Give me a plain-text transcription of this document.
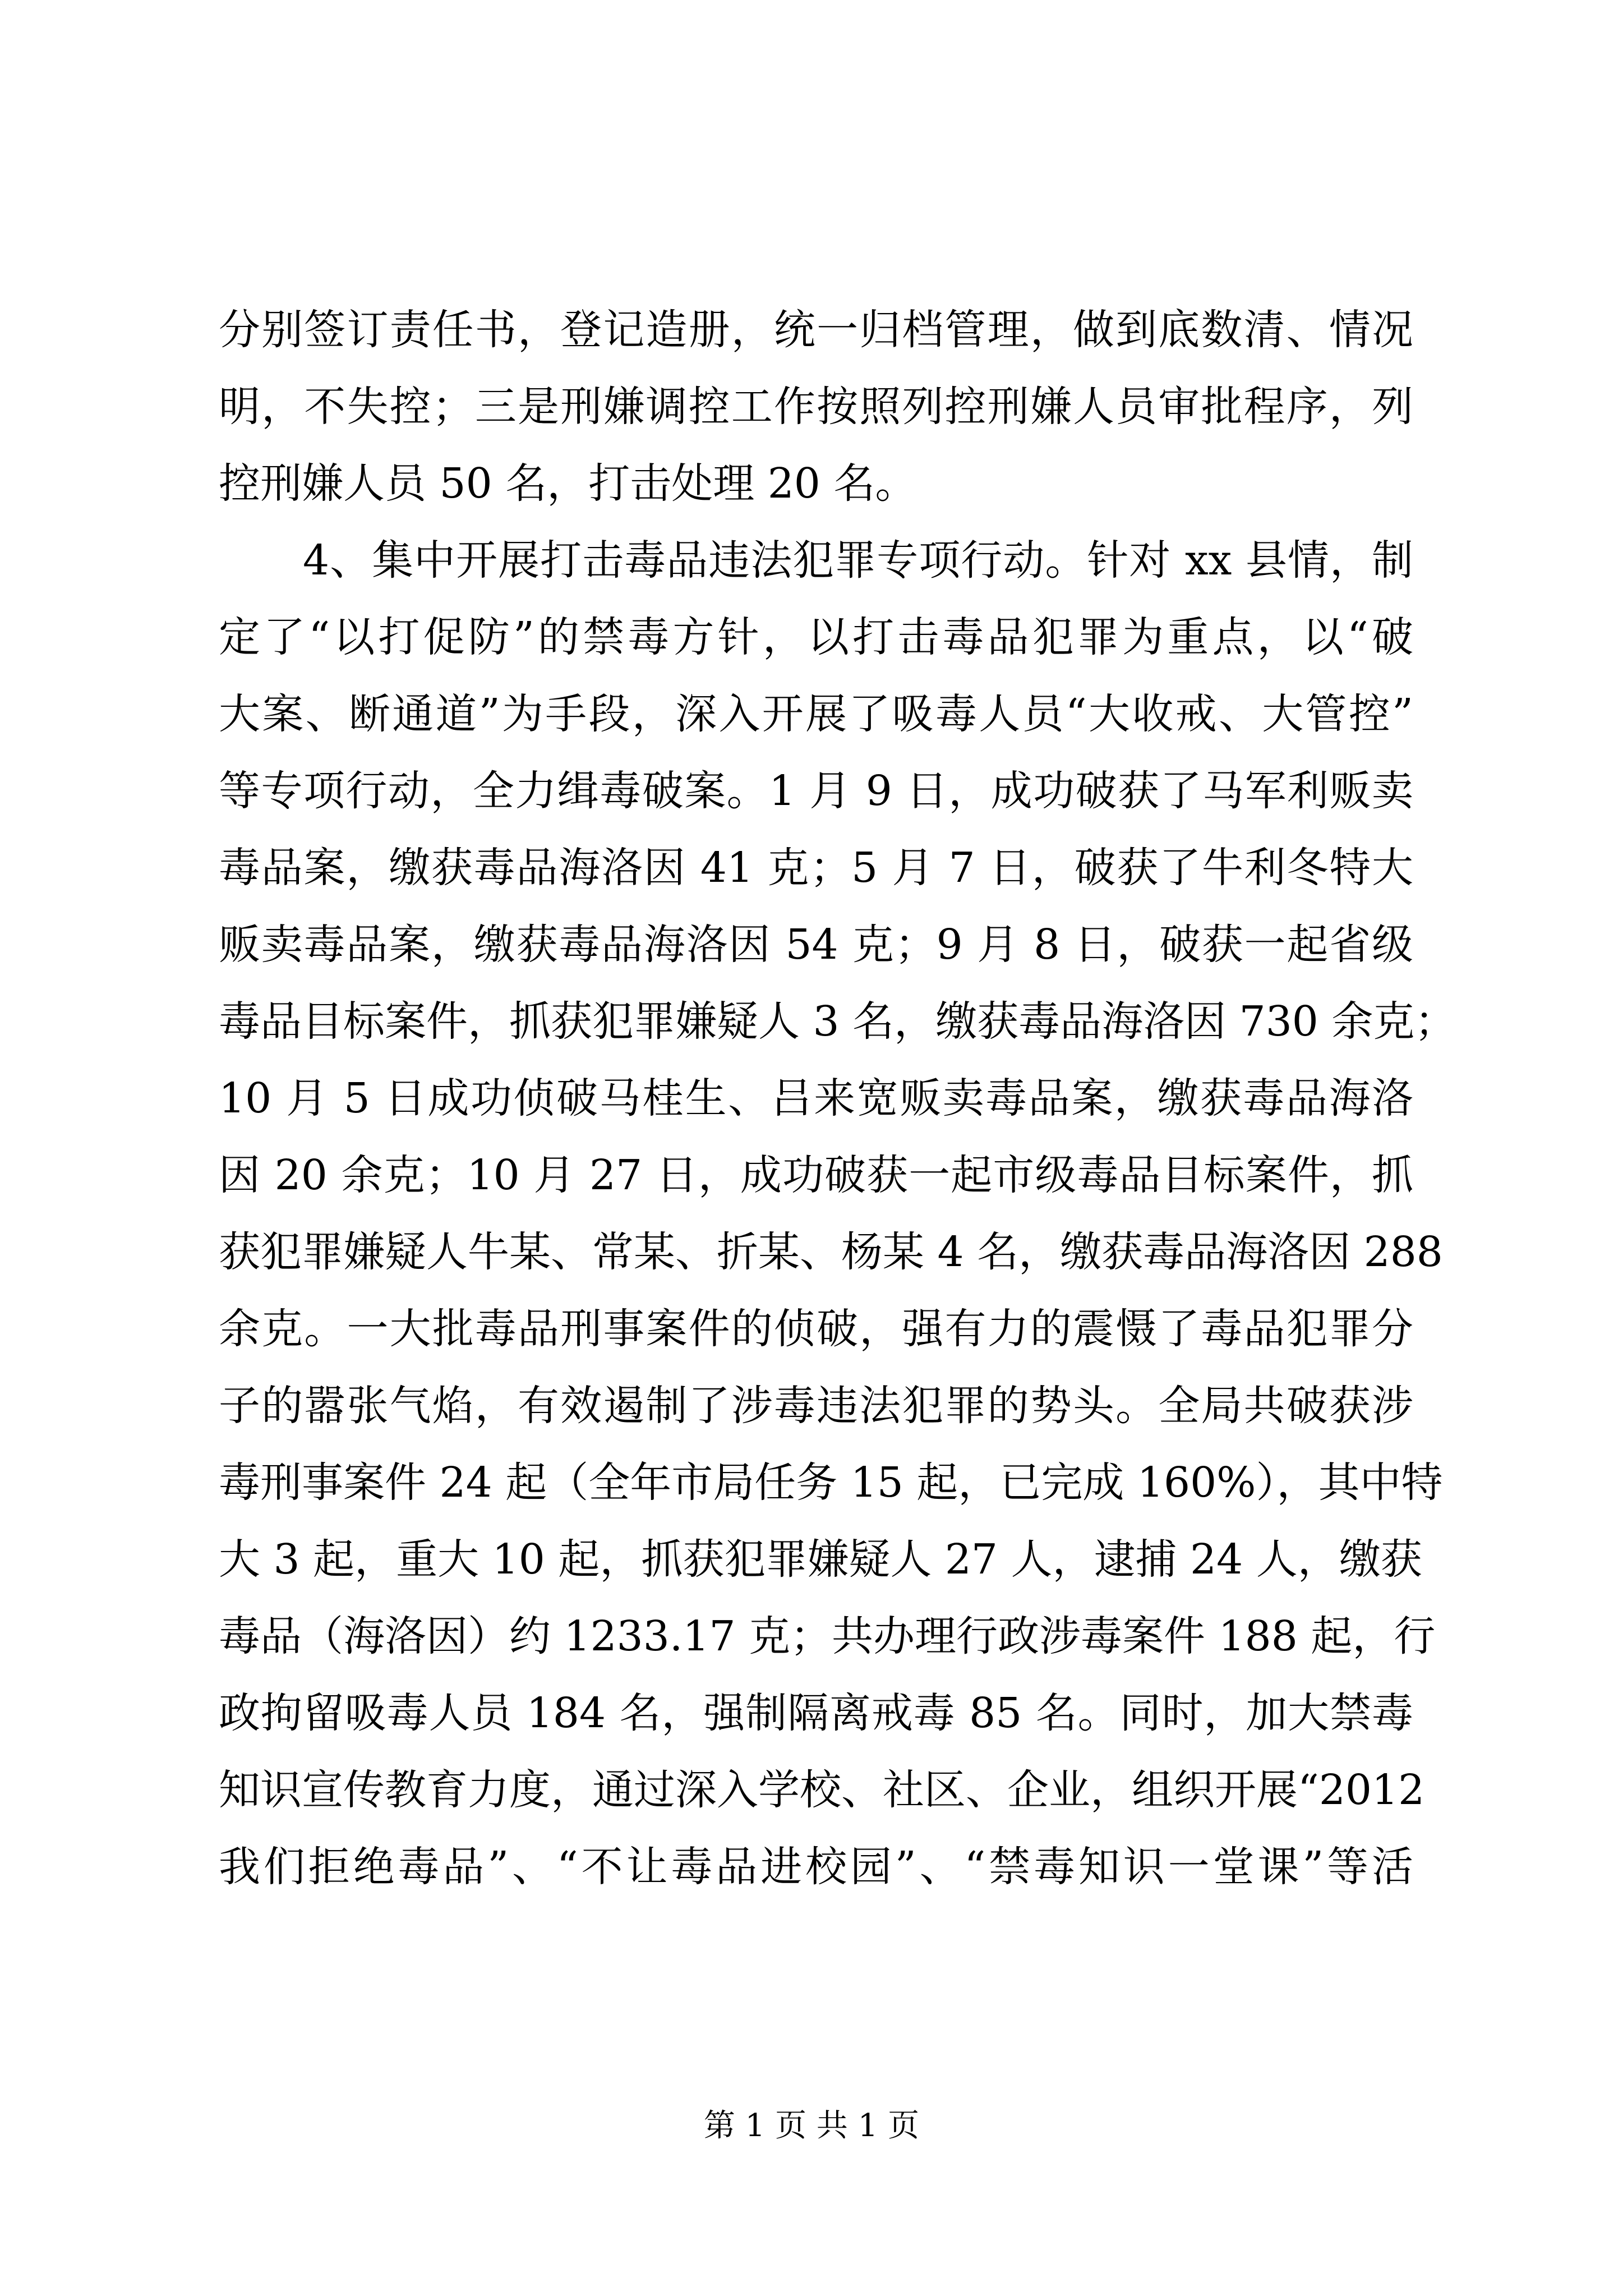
分别签订责任书，登记造册，统一归档管理，做到底数清、情况
明，不失控；三是刑嫌调控工作按照列控刑嫌人员审批程序，列
控刑嫌人员 50 名，打击处理 20 名。
4、集中开展打击毒品违法犯罪专项行动。针对 xx 县情，制
定了“以打促防”的禁毒方针，以打击毒品犯罪为重点，以“破
大案、断通道”为手段，深入开展了吸毒人员“大收戒、大管控”
等专项行动，全力缉毒破案。1 月 9 日，成功破获了马军利贩卖
毒品案，缴获毒品海洛因 41 克；5 月 7 日，破获了牛利冬特大
贩卖毒品案，缴获毒品海洛因 54 克；9 月 8 日，破获一起省级
毒品目标案件，抓获犯罪嫌疑人 3 名，缴获毒品海洛因 730 余克；
10 月 5 日成功侦破马桂生、吕来宽贩卖毒品案，缴获毒品海洛
因 20 余克；10 月 27 日，成功破获一起市级毒品目标案件，抓
获犯罪嫌疑人牛某、常某、折某、杨某 4 名，缴获毒品海洛因 288
余克。一大批毒品刑事案件的侦破，强有力的震慑了毒品犯罪分
子的嚣张气焰，有效遏制了涉毒违法犯罪的势头。全局共破获涉
毒刑事案件 24 起（全年市局任务 15 起，已完成 160%），其中特
大 3 起，重大 10 起，抓获犯罪嫌疑人 27 人，逮捕 24 人，缴获
毒品（海洛因）约 1233.17 克；共办理行政涉毒案件 188 起，行
政拘留吸毒人员 184 名，强制隔离戒毒 85 名。同时，加大禁毒
知识宣传教育力度，通过深入学校、社区、企业，组织开展“2012
我们拒绝毒品”、“不让毒品进校园”、“禁毒知识一堂课”等活
第 1 页 共 1 页
